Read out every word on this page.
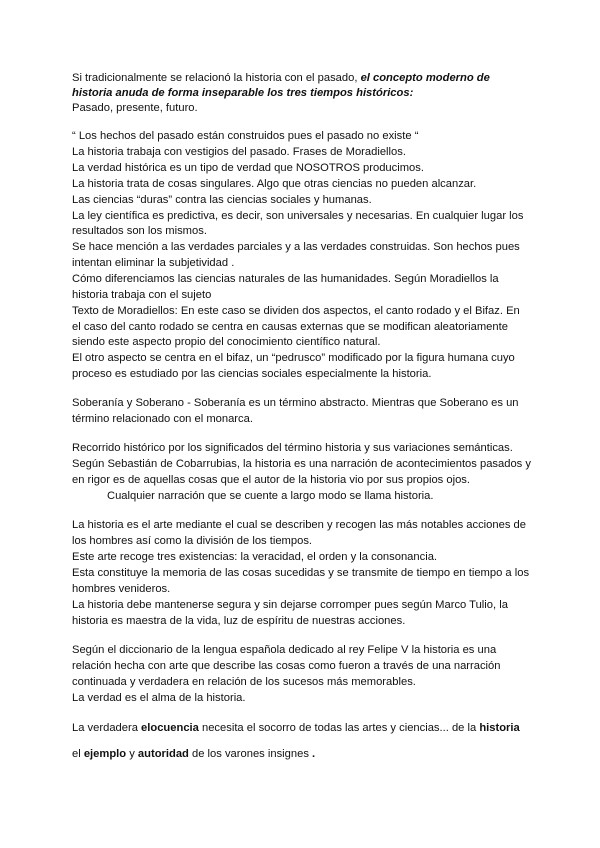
Si tradicionalmente se relacionó la historia con el pasado, el concepto moderno de
historia anuda de forma inseparable los tres tiempos históricos:
Pasado, presente, futuro.
“ Los hechos del pasado están construidos pues el pasado no existe “
La historia trabaja con vestigios del pasado. Frases de Moradiellos.
La verdad histórica es un tipo de verdad que NOSOTROS producimos.
La historia trata de cosas singulares. Algo que otras ciencias no pueden alcanzar.
Las ciencias “duras” contra las ciencias sociales y humanas.
La ley científica es predictiva, es decir, son universales y necesarias. En cualquier lugar los
resultados son los mismos.
Se hace mención a las verdades parciales y a las verdades construidas. Son hechos pues
intentan eliminar la subjetividad .
Cómo diferenciamos las ciencias naturales de las humanidades. Según Moradiellos la
historia trabaja con el sujeto
Texto de Moradiellos: En este caso se dividen dos aspectos, el canto rodado y el Bifaz. En
el caso del canto rodado se centra en causas externas que se modifican aleatoriamente
siendo este aspecto propio del conocimiento científico natural.
El otro aspecto se centra en el bifaz, un “pedrusco” modificado por la figura humana cuyo
proceso es estudiado por las ciencias sociales especialmente la historia.
Soberanía y Soberano - Soberanía es un término abstracto. Mientras que Soberano es un
término relacionado con el monarca.
Recorrido histórico por los significados del término historia y sus variaciones semánticas.
Según Sebastián de Cobarrubias, la historia es una narración de acontecimientos pasados y
en rigor es de aquellas cosas que el autor de la historia vio por sus propios ojos.
Cualquier narración que se cuente a largo modo se llama historia.
La historia es el arte mediante el cual se describen y recogen las más notables acciones de
los hombres así como la división de los tiempos.
Este arte recoge tres existencias: la veracidad, el orden y la consonancia.
Esta constituye la memoria de las cosas sucedidas y se transmite de tiempo en tiempo a los
hombres venideros.
La historia debe mantenerse segura y sin dejarse corromper pues según Marco Tulio, la
historia es maestra de la vida, luz de espíritu de nuestras acciones.
Según el diccionario de la lengua española dedicado al rey Felipe V la historia es una
relación hecha con arte que describe las cosas como fueron a través de una narración
continuada y verdadera en relación de los sucesos más memorables.
La verdad es el alma de la historia.
La verdadera elocuencia necesita el socorro de todas las artes y ciencias... de la historia
el ejemplo y autoridad de los varones insignes .
